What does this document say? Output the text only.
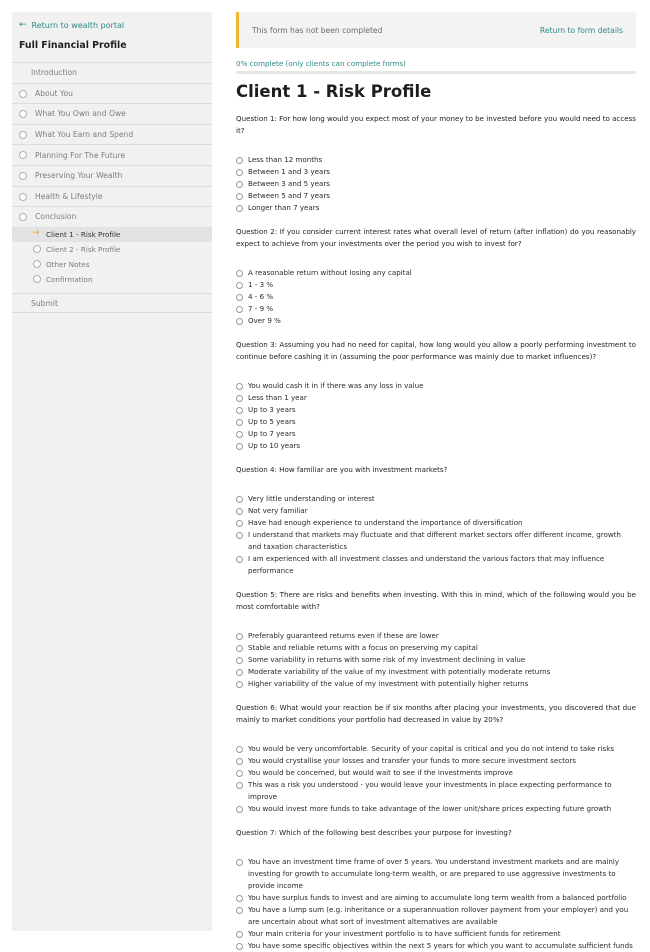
← Return to wealth portal
Full Financial Profile
Introduction
About You
What You Own and Owe
What You Earn and Spend
Planning For The Future
Preserving Your Wealth
Health & Lifestyle
Conclusion
→ Client 1 - Risk Profile
Client 2 - Risk Profile
Other Notes
Confirmation
Submit
This form has not been completed	Return to form details
0% complete (only clients can complete forms)
Client 1 - Risk Profile
Question 1: For how long would you expect most of your money to be invested before you would need to access it?
Less than 12 months
Between 1 and 3 years
Between 3 and 5 years
Between 5 and 7 years
Longer than 7 years
Question 2: If you consider current interest rates what overall level of return (after inflation) do you reasonably expect to achieve from your investments over the period you wish to invest for?
A reasonable return without losing any capital
1 - 3 %
4 - 6 %
7 - 9 %
Over 9 %
Question 3: Assuming you had no need for capital, how long would you allow a poorly performing investment to continue before cashing it in (assuming the poor performance was mainly due to market influences)?
You would cash it in if there was any loss in value
Less than 1 year
Up to 3 years
Up to 5 years
Up to 7 years
Up to 10 years
Question 4: How familiar are you with investment markets?
Very little understanding or interest
Not very familiar
Have had enough experience to understand the importance of diversification
I understand that markets may fluctuate and that different market sectors offer different income, growth and taxation characteristics
I am experienced with all investment classes and understand the various factors that may influence performance
Question 5: There are risks and benefits when investing. With this in mind, which of the following would you be most comfortable with?
Preferably guaranteed returns even if these are lower
Stable and reliable returns with a focus on preserving my capital
Some variability in returns with some risk of my investment declining in value
Moderate variability of the value of my investment with potentially moderate returns
Higher variability of the value of my investment with potentially higher returns
Question 6: What would your reaction be if six months after placing your investments, you discovered that due mainly to market conditions your portfolio had decreased in value by 20%?
You would be very uncomfortable. Security of your capital is critical and you do not intend to take risks
You would crystallise your losses and transfer your funds to more secure investment sectors
You would be concerned, but would wait to see if the investments improve
This was a risk you understood - you would leave your investments in place expecting performance to improve
You would invest more funds to take advantage of the lower unit/share prices expecting future growth
Question 7: Which of the following best describes your purpose for investing?
You have an investment time frame of over 5 years. You understand investment markets and are mainly investing for growth to accumulate long-term wealth, or are prepared to use aggressive investments to provide income
You have surplus funds to invest and are aiming to accumulate long term wealth from a balanced portfolio
You have a lump sum (e.g. inheritance or a superannuation rollover payment from your employer) and you are uncertain about what sort of investment alternatives are available
Your main criteria for your investment portfolio is to have sufficient funds for retirement
You have some specific objectives within the next 5 years for which you want to accumulate sufficient funds
